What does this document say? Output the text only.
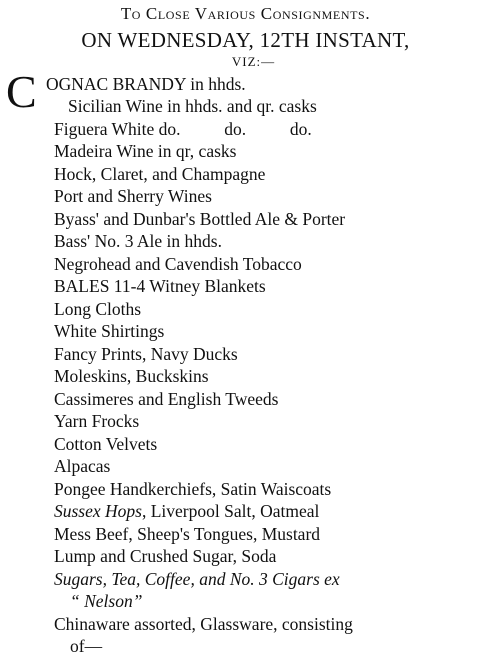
To Close Various Consignments.
ON WEDNESDAY, 12TH INSTANT,
VIZ:—
C OGNAC BRANDY in hhds.
Sicilian Wine in hhds. and qr. casks
Figuera White do.          do.          do.
Madeira Wine in qr, casks
Hock, Claret, and Champagne
Port and Sherry Wines
Byass' and Dunbar's Bottled Ale & Porter
Bass' No. 3 Ale in hhds.
Negrohead and Cavendish Tobacco
BALES 11-4 Witney Blankets
Long Cloths
White Shirtings
Fancy Prints, Navy Ducks
Moleskins, Buckskins
Cassimeres and English Tweeds
Yarn Frocks
Cotton Velvets
Alpacas
Pongee Handkerchiefs, Satin Waiscoats
Sussex Hops, Liverpool Salt, Oatmeal
Mess Beef, Sheep's Tongues, Mustard
Lump and Crushed Sugar, Soda
Sugars, Tea, Coffee, and No. 3 Cigars ex
“ Nelson”
Chinaware assorted, Glassware, consisting
of—
